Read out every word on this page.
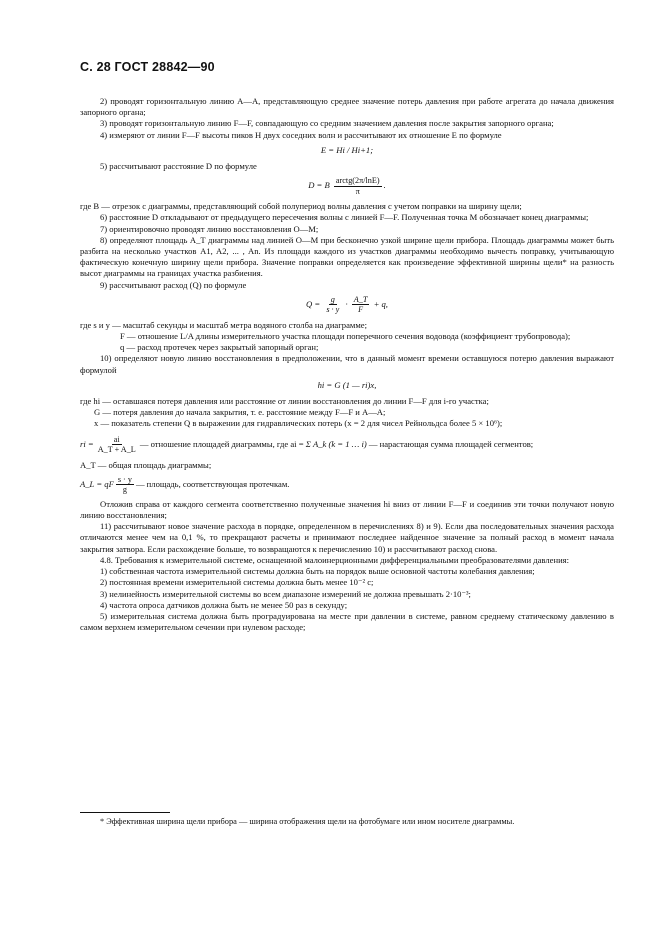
С. 28 ГОСТ 28842—90

2) проводят горизонтальную линию A—A, представляющую среднее значение потерь давления при работе агрегата до начала движения запорного органа;

3) проводят горизонтальную линию F—F, совпадающую со средним значением давления после закрытия запорного органа;

4) измеряют от линии F—F высоты пиков H двух соседних волн и рассчитывают их отношение E по формуле

E = Hi / Hi+1;

5) рассчитывают расстояние D по формуле

D = B $\frac{\text{arctg(2π/lnE)}}{\pi}$ .
где B —
отрезок с диаграммы, представляющий собой полупериод волны давления с учетом поправки на ширину щели;

6) расстояние D откладывают от предыдущего пересечения волны с линией F—F. Полученная точка M обозначает конец диаграммы;

7) ориентировочно проводят линию восстановления O—M;

8) определяют площадь A_T диаграммы над линией O—M при бесконечно узкой ширине щели прибора. Площадь диаграммы может быть разбита на несколько участков A1, A2, ... , An. Из площади каждого из участков диаграммы необходимо вычесть поправку, учитывающую фактическую конечную ширину щели прибора. Значение поправки определяется как произведение эффективной ширины щели* на разность высот диаграммы на границах участка разбиения.

9) рассчитывают расход (Q) по формуле

$Q = \frac{g}{s \cdot y} \cdot \frac{A\_T}{F} + q$,
где s и y —
масштаб секунды и масштаб метра водяного столба на диаграмме;
F —
отношение L/A длины измерительного участка площади поперечного сечения водовода (коэффициент трубопровода);
q —
расход протечек через закрытый запорный орган;

10) определяют новую линию восстановления в предположении, что в данный момент времени оставшуюся потерю давления выражают формулой

hi = G (1 — ri)x,
где hi —
оставшаяся потеря давления или расстояние от линии восстановления до линии F—F для i-го участка;
G —
потеря давления до начала закрытия, т. е. расстояние между F—F и A—A;
x —
показатель степени Q в выражении для гидравлических потерь (x = 2 для чисел Рейнольдса более 5 × 10⁶);
ri = $\frac{ai}{A\_T + A\_L}$ — отношение площадей диаграммы, где ai =
Σ A_k (k = 1 … i)
— нарастающая сумма площадей сегментов;
A_T —
общая площадь диаграммы;
A_L = qF $\frac{s \cdot y}{g}$ — площадь, соответствующая протечкам.

Отложив справа от каждого сегмента соответственно полученные значения hi вниз от линии F—F и соединив эти точки получают новую линию восстановления;

11) рассчитывают новое значение расхода в порядке, определенном в перечислениях 8) и 9). Если два последовательных значения расхода отличаются менее чем на 0,1 %, то прекращают расчеты и принимают последнее найденное значение за полный расход в момент начала закрытия затвора. Если расхождение больше, то возвращаются к перечислению 10) и рассчитывают расход снова.

4.8. Требования к измерительной системе, оснащенной малоинерционными дифференциальными преобразователями давления:

1) собственная частота измерительной системы должна быть на порядок выше основной частоты колебания давления;

2) постоянная времени измерительной системы должна быть менее 10⁻² с;

3) нелинейность измерительной системы во всем диапазоне измерений не должна превышать 2·10⁻³;

4) частота опроса датчиков должна быть не менее 50 раз в секунду;

5) измерительная система должна быть проградуирована на месте при давлении в системе, равном среднему статическому давлению в самом верхнем измерительном сечении при нулевом расходе;

* Эффективная ширина щели прибора — ширина отображения щели на фотобумаге или ином носителе диаграммы.
